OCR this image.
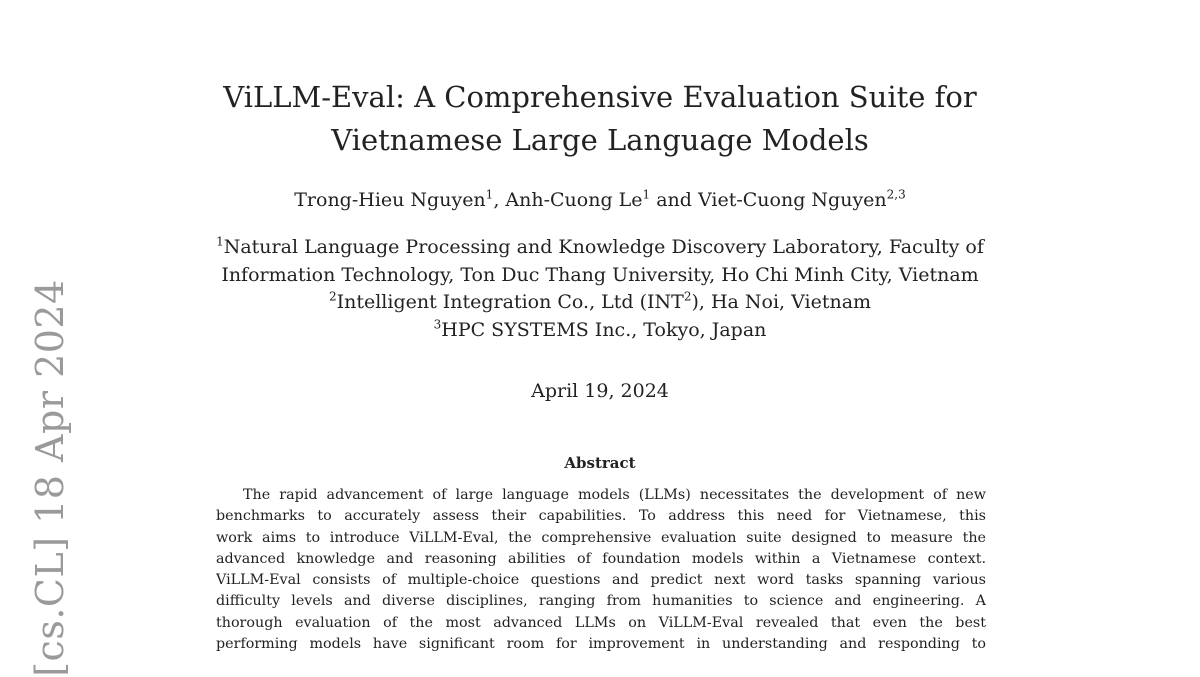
[cs.CL] 18 Apr 2024
ViLLM-Eval: A Comprehensive Evaluation Suite for
Vietnamese Large Language Models
Trong-Hieu Nguyen$^1$, Anh-Cuong Le$^1$ and Viet-Cuong Nguyen$^{2,3}$
$^1$Natural Language Processing and Knowledge Discovery Laboratory, Faculty of
Information Technology, Ton Duc Thang University, Ho Chi Minh City, Vietnam
$^2$Intelligent Integration Co., Ltd (INT$^2$), Ha Noi, Vietnam
$^3$HPC SYSTEMS Inc., Tokyo, Japan
April 19, 2024
Abstract
The rapid advancement of large language models (LLMs) necessitates the development of new
benchmarks to accurately assess their capabilities. To address this need for Vietnamese, this
work aims to introduce ViLLM-Eval, the comprehensive evaluation suite designed to measure the
advanced knowledge and reasoning abilities of foundation models within a Vietnamese context.
ViLLM-Eval consists of multiple-choice questions and predict next word tasks spanning various
difficulty levels and diverse disciplines, ranging from humanities to science and engineering. A
thorough evaluation of the most advanced LLMs on ViLLM-Eval revealed that even the best
performing models have significant room for improvement in understanding and responding to
